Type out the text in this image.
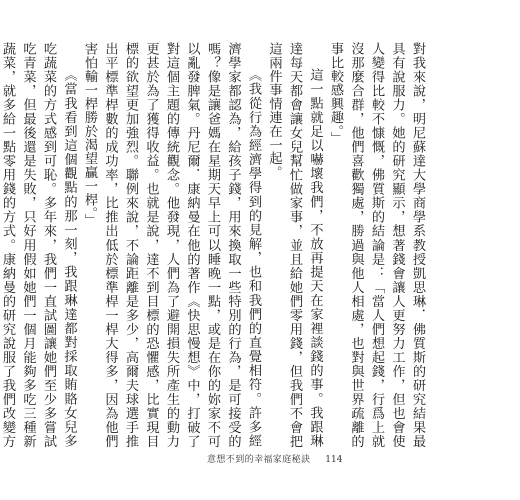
對我來說，明尼蘇達大學商學系教授凱思琳．佛質斯的研究結果最具有說服力。她的研究顯示，想著錢會讓人更努力工作，但也會使人變得比較不慷慨，佛質斯的結論是：「當人們想起錢，行爲上就沒那麼合群，他們喜歡獨處，勝過與他人相處，也對與世界疏離的事比較感興趣。」

這一點就足以嚇壞我們，不放再提天在家裡談錢的事。我跟琳達每天都會讓女兒幫忙做家事，並且給她們零用錢，但我們不會把這兩件事情連在一起。

《我從行為經濟學得到的見解，也和我們的直覺相符。許多經濟學家都認為，給孩子錢，用來換取一些特別的行為，是可接受的嗎？像是讓爸媽在星期天早上可以睡晚一點，或是在你的妳家不可以亂發脾氣。丹尼爾．康納曼在他的著作《快思慢想》中，打破了對這個主題的傳統觀念。他發現，人們為了避開損失所產生的動力更甚於為了獲得收益。也就是說，達不到目標的恐懼感，比實現目標的欲望更加強烈。聯例來說，不論距離是多少，高爾夫球選手推出平標準桿數的成功率，比推出低於標準桿一桿大得多，因為他們害怕輸一桿勝於渴望贏一桿。」

《當我看到這個觀點的那一刻，我跟琳達都對採取賄賂女兒多吃蔬菜的方式感到可恥。多年來，我們一直試圖讓她們至少多嘗試吃青菜，但最後還是失敗，只好用假如她們一個月能夠多吃三種新蔬菜，就多給一點零用錢的方式。康納曼的研究說服了我們改變方

意想不到的幸福家庭秘訣 114
